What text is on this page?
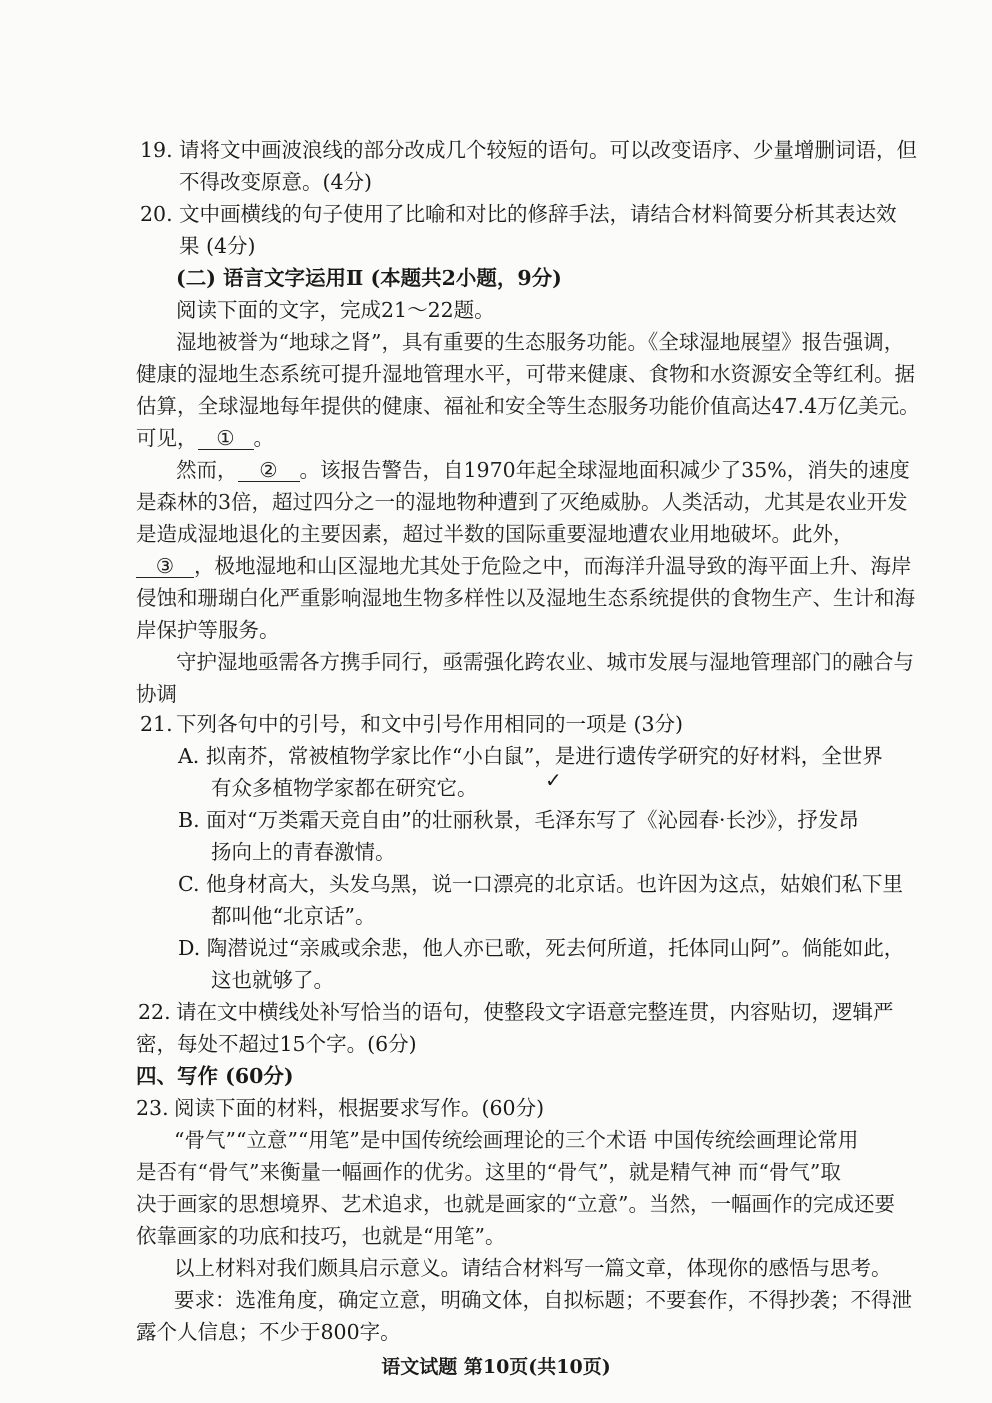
19. 请将文中画波浪线的部分改成几个较短的语句。可以改变语序、少量增删词语，但
不得改变原意。(4分)
20. 文中画横线的句子使用了比喻和对比的修辞手法，请结合材料简要分析其表达效
果 (4分)
(二) 语言文字运用Ⅱ (本题共2小题，9分)
阅读下面的文字，完成21～22题。
湿地被誉为“地球之肾”，具有重要的生态服务功能。《全球湿地展望》报告强调，
健康的湿地生态系统可提升湿地管理水平，可带来健康、食物和水资源安全等红利。据
估算，全球湿地每年提供的健康、福祉和安全等生态服务功能价值高达47.4万亿美元。
可见， ① 。
然而， ② 。该报告警告，自1970年起全球湿地面积减少了35%，消失的速度
是森林的3倍，超过四分之一的湿地物种遭到了灭绝威胁。人类活动，尤其是农业开发
是造成湿地退化的主要因素，超过半数的国际重要湿地遭农业用地破坏。此外，
③ ，极地湿地和山区湿地尤其处于危险之中，而海洋升温导致的海平面上升、海岸
侵蚀和珊瑚白化严重影响湿地生物多样性以及湿地生态系统提供的食物生产、生计和海
岸保护等服务。
守护湿地亟需各方携手同行，亟需强化跨农业、城市发展与湿地管理部门的融合与
协调
21. 下列各句中的引号，和文中引号作用相同的一项是 (3分)
A. 拟南芥，常被植物学家比作“小白鼠”，是进行遗传学研究的好材料，全世界
有众多植物学家都在研究它。	✓
B. 面对“万类霜天竞自由”的壮丽秋景，毛泽东写了《沁园春·长沙》，抒发昂
扬向上的青春激情。
C. 他身材高大，头发乌黑，说一口漂亮的北京话。也许因为这点，姑娘们私下里
都叫他“北京话”。
D. 陶潜说过“亲戚或余悲，他人亦已歌，死去何所道，托体同山阿”。倘能如此，
这也就够了。
22. 请在文中横线处补写恰当的语句，使整段文字语意完整连贯，内容贴切，逻辑严
密，每处不超过15个字。(6分)
四、写作 (60分)
23. 阅读下面的材料，根据要求写作。(60分)
“骨气”“立意”“用笔”是中国传统绘画理论的三个术语 中国传统绘画理论常用
是否有“骨气”来衡量一幅画作的优劣。这里的“骨气”，就是精气神 而“骨气”取
决于画家的思想境界、艺术追求，也就是画家的“立意”。当然，一幅画作的完成还要
依靠画家的功底和技巧，也就是“用笔”。
以上材料对我们颇具启示意义。请结合材料写一篇文章，体现你的感悟与思考。
要求：选准角度，确定立意，明确文体，自拟标题；不要套作，不得抄袭；不得泄
露个人信息；不少于800字。
语文试题 第10页(共10页)
